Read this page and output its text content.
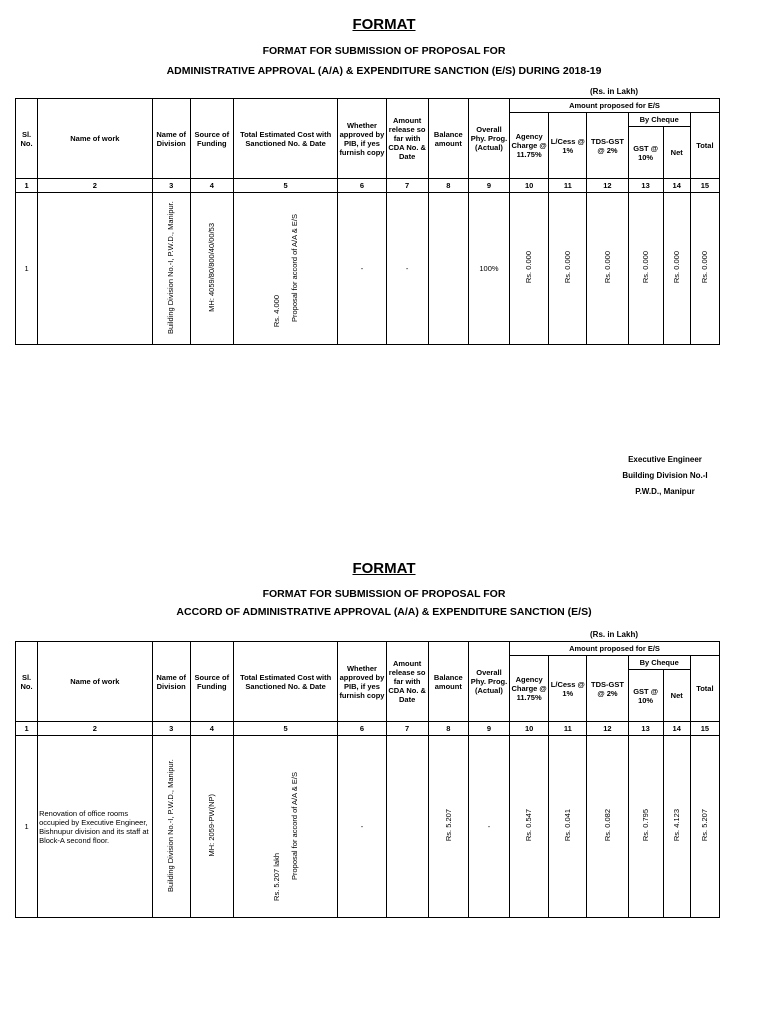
FORMAT
FORMAT FOR SUBMISSION OF PROPOSAL FOR
ADMINISTRATIVE APPROVAL (A/A) & EXPENDITURE SANCTION (E/S) DURING 2018-19
(Rs. in Lakh)
Sl. No.	Name of work	Name of Division	Source of Funding	Total Estimated Cost with Sanctioned No. & Date	Whether approved by PIB, if yes furnish copy	Amount release so far with CDA No. & Date	Balance amount	Overall Phy. Prog. (Actual)	Amount proposed for E/S					
									Agency Charge @ 11.75%	L/Cess @ 1%	TDS-GST @ 2%	By Cheque		Total
												GST @ 10%	Net	
1	2	3	4	5	6	7	8	9	10	11	12	13	14	15
1		Building Division No.-I, P.W.D., Manipur.	MH: 4059/80/800/40/00/53	Rs. 4.000 Proposal for accord of A/A & E/S	-	-		100%	Rs. 0.000	Rs. 0.000	Rs. 0.000	Rs. 0.000	Rs. 0.000	Rs. 0.000
Executive Engineer
Building Division No.-I
P.W.D., Manipur
FORMAT
FORMAT FOR SUBMISSION OF PROPOSAL FOR
ACCORD OF ADMINISTRATIVE APPROVAL (A/A) & EXPENDITURE SANCTION (E/S)
(Rs. in Lakh)
Sl. No.	Name of work	Name of Division	Source of Funding	Total Estimated Cost with Sanctioned No. & Date	Whether approved by PIB, if yes furnish copy	Amount release so far with CDA No. & Date	Balance amount	Overall Phy. Prog. (Actual)	Amount proposed for E/S					
									Agency Charge @ 11.75%	L/Cess @ 1%	TDS-GST @ 2%	By Cheque		Total
												GST @ 10%	Net	
1	2	3	4	5	6	7	8	9	10	11	12	13	14	15
1	Renovation of office rooms occupied by Executive Engineer, Bishnupur division and its staff at Block-A second floor.	Building Division No.-I, P.W.D., Manipur.	MH: 2059-PW(NP)	Rs. 5.207 lakh Proposal for accord of A/A & E/S	-		Rs. 5.207	-	Rs. 0.547	Rs. 0.041	Rs. 0.082	Rs. 0.795	Rs. 4.123	Rs. 5.207
